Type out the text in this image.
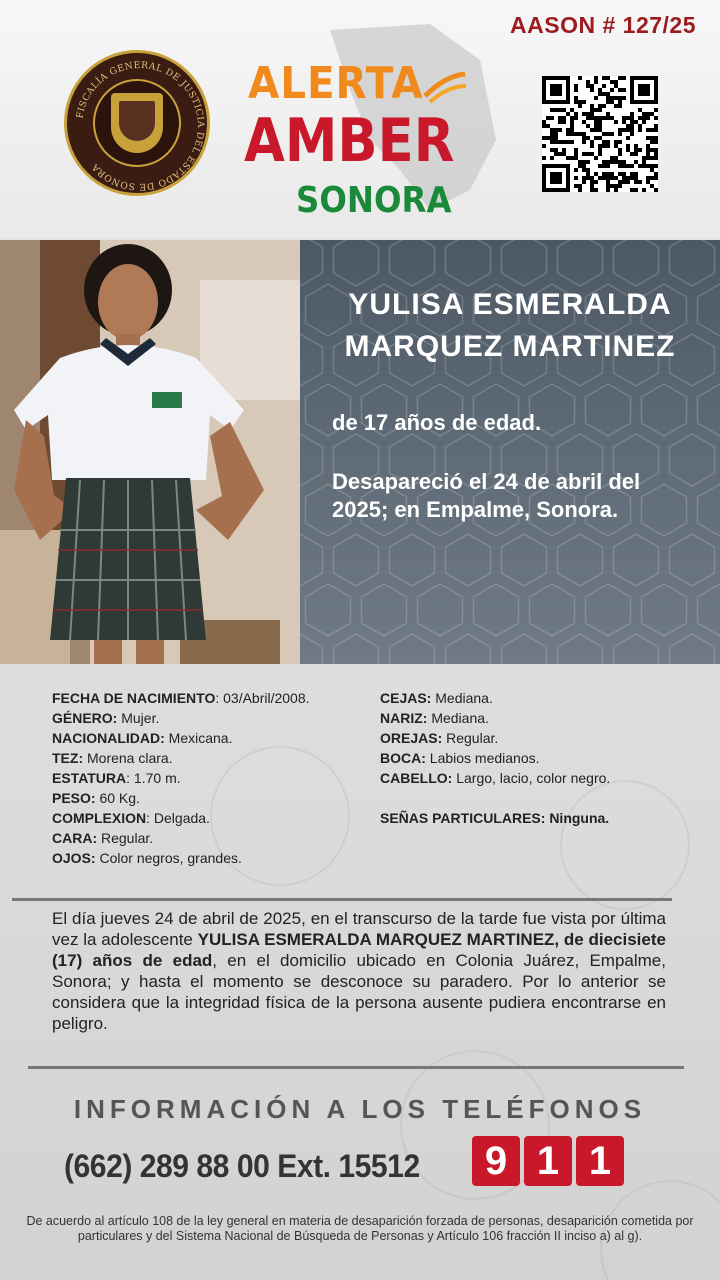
AASON # 127/25
FISCALÍA GENERAL DE JUSTICIA DEL ESTADO DE SONORA
ALERTA
AMBER
SONORA
YULISA ESMERALDA
MARQUEZ MARTINEZ
de 17 años de edad.
Desapareció el 24 de abril del 2025; en Empalme, Sonora.
FECHA DE NACIMIENTO: 03/Abril/2008.
GÉNERO: Mujer.
NACIONALIDAD: Mexicana.
TEZ: Morena clara.
ESTATURA: 1.70 m.
PESO: 60 Kg.
COMPLEXION: Delgada.
CARA: Regular.
OJOS: Color negros, grandes.
CEJAS: Mediana.
NARIZ: Mediana.
OREJAS: Regular.
BOCA: Labios medianos.
CABELLO: Largo, lacio, color negro.
SEÑAS PARTICULARES: Ninguna.
El día jueves 24 de abril de 2025, en el transcurso de la tarde fue vista por última vez la adolescente YULISA ESMERALDA MARQUEZ MARTINEZ, de diecisiete (17) años de edad, en el domicilio ubicado en Colonia Juárez, Empalme, Sonora; y hasta el momento se desconoce su paradero. Por lo anterior se considera que la integridad física de la persona ausente pudiera encontrarse en peligro.
INFORMACIÓN A LOS TELÉFONOS
(662) 289 88 00 Ext. 15512	9 1 1
De acuerdo al artículo 108 de la ley general en materia de desaparición forzada de personas, desaparición cometida por particulares y del Sistema Nacional de Búsqueda de Personas y Artículo 106 fracción II inciso a) al g).
